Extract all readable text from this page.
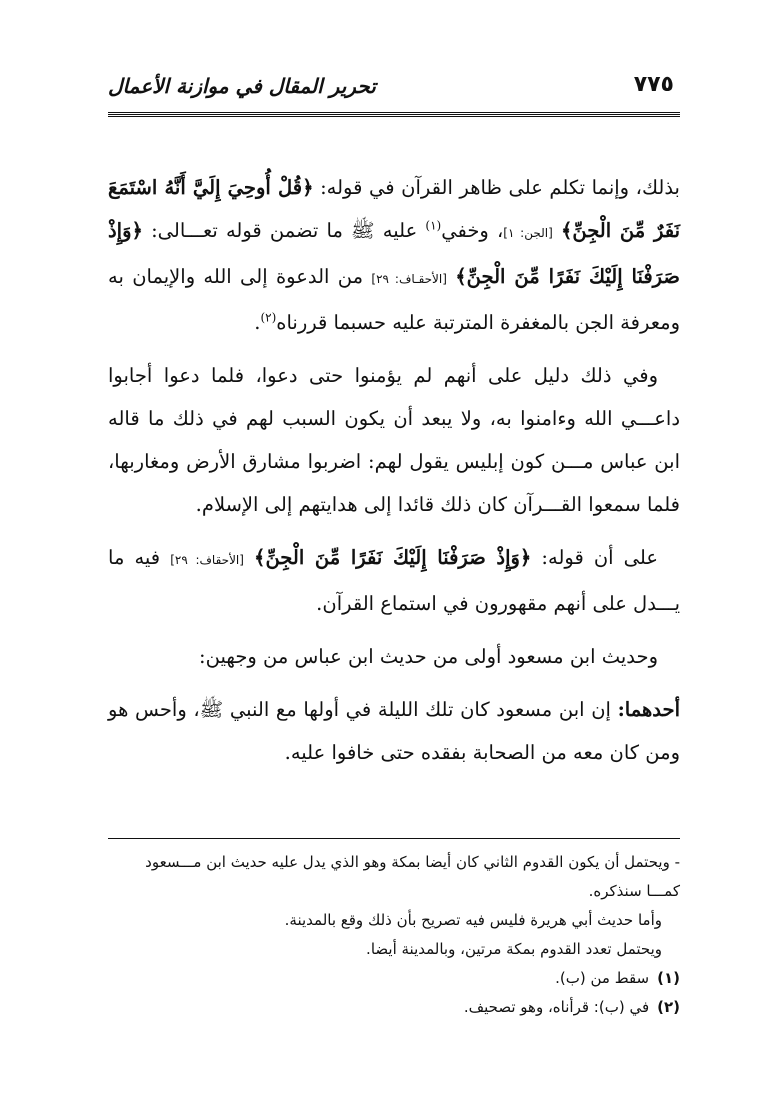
٧٧٥
تحرير المقال في موازنة الأعمال

بذلك، وإنما تكلم على ظاهر القرآن في قوله: ﴿قُلْ أُوحِيَ إِلَيَّ أَنَّهُ اسْتَمَعَ نَفَرٌ مِّنَ الْجِنِّ﴾ [الجن: ١]، وخفي$^{(١)}$ عليه ﷺ ما تضمن قوله تعـــالى: ﴿وَإِذْ صَرَفْنَا إِلَيْكَ نَفَرًا مِّنَ الْجِنِّ﴾ [الأحقـاف: ٢٩] من الدعوة إلى الله والإيمان به ومعرفة الجن بالمغفرة المترتبة عليه حسبما قررناه$^{(٢)}$.

وفي ذلك دليل على أنهم لم يؤمنوا حتى دعوا، فلما دعوا أجابوا داعـــي الله وءامنوا به، ولا يبعد أن يكون السبب لهم في ذلك ما قاله ابن عباس مـــن كون إبليس يقول لهم: اضربوا مشارق الأرض ومغاربها، فلما سمعوا القـــرآن كان ذلك قائدا إلى هدايتهم إلى الإسلام.

على أن قوله: ﴿وَإِذْ صَرَفْنَا إِلَيْكَ نَفَرًا مِّنَ الْجِنِّ﴾ [الأحقاف: ٢٩] فيه ما يـــدل على أنهم مقهورون في استماع القرآن.

وحديث ابن مسعود أولى من حديث ابن عباس من وجهين:

أحدهما: إن ابن مسعود كان تلك الليلة في أولها مع النبي ﷺ، وأحس هو ومن كان معه من الصحابة بفقده حتى خافوا عليه.

- ويحتمل أن يكون القدوم الثاني كان أيضا بمكة وهو الذي يدل عليه حديث ابن مـــسعود كمـــا سنذكره.

وأما حديث أبي هريرة فليس فيه تصريح بأن ذلك وقع بالمدينة.

ويحتمل تعدد القدوم بمكة مرتين، وبالمدينة أيضا.

(١)سقط من (ب).

(٢)في (ب): قرأناه، وهو تصحيف.
